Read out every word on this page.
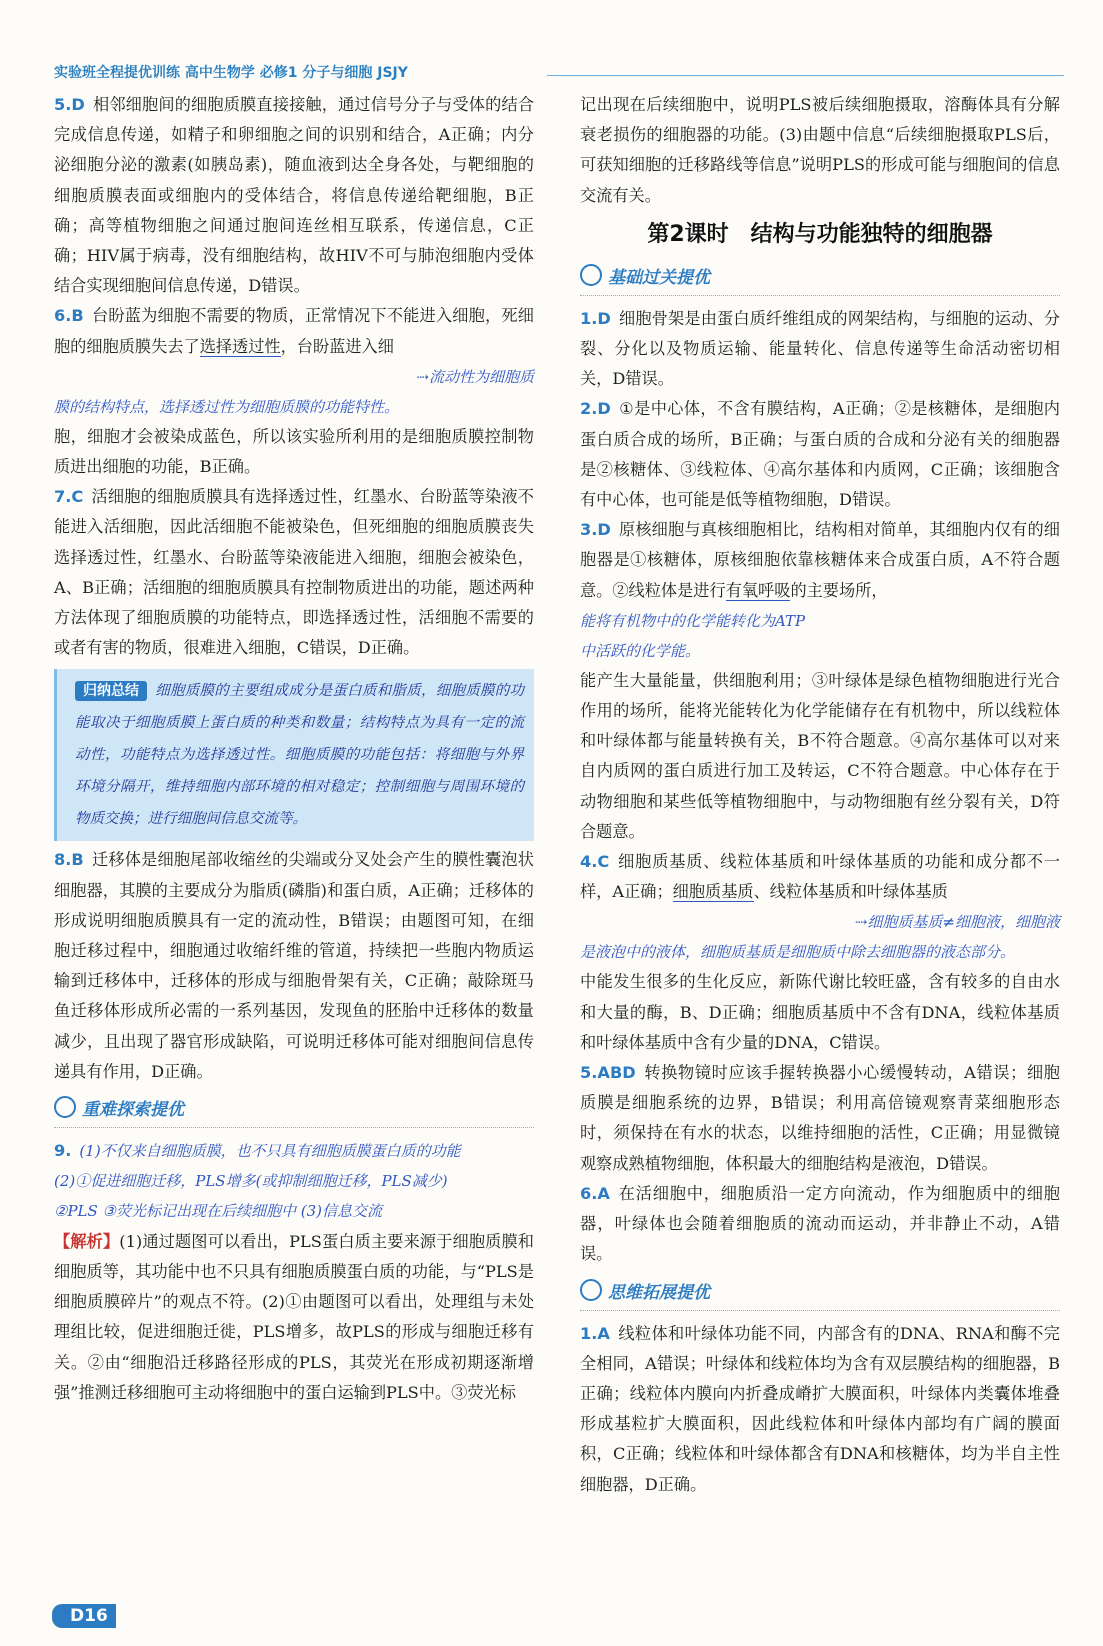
实验班全程提优训练 高中生物学 必修1 分子与细胞 JSJY

5.D 相邻细胞间的细胞质膜直接接触，通过信号分子与受体的结合完成信息传递，如精子和卵细胞之间的识别和结合，A正确；内分泌细胞分泌的激素(如胰岛素)，随血液到达全身各处，与靶细胞的细胞质膜表面或细胞内的受体结合，将信息传递给靶细胞，B正确；高等植物细胞之间通过胞间连丝相互联系，传递信息，C正确；HIV属于病毒，没有细胞结构，故HIV不可与肺泡细胞内受体结合实现细胞间信息传递，D错误。

6.B 台盼蓝为细胞不需要的物质，正常情况下不能进入细胞，死细胞的细胞质膜失去了选择透过性，台盼蓝进入细

⇢流动性为细胞质
膜的结构特点，选择透过性为细胞质膜的功能特性。

胞，细胞才会被染成蓝色，所以该实验所利用的是细胞质膜控制物质进出细胞的功能，B正确。

7.C 活细胞的细胞质膜具有选择透过性，红墨水、台盼蓝等染液不能进入活细胞，因此活细胞不能被染色，但死细胞的细胞质膜丧失选择透过性，红墨水、台盼蓝等染液能进入细胞，细胞会被染色，A、B正确；活细胞的细胞质膜具有控制物质进出的功能，题述两种方法体现了细胞质膜的功能特点，即选择透过性，活细胞不需要的或者有害的物质，很难进入细胞，C错误，D正确。

归纳总结 细胞质膜的主要组成成分是蛋白质和脂质，细胞质膜的功能取决于细胞质膜上蛋白质的种类和数量；结构特点为具有一定的流动性，功能特点为选择透过性。细胞质膜的功能包括：将细胞与外界环境分隔开，维持细胞内部环境的相对稳定；控制细胞与周围环境的物质交换；进行细胞间信息交流等。

8.B 迁移体是细胞尾部收缩丝的尖端或分叉处会产生的膜性囊泡状细胞器，其膜的主要成分为脂质(磷脂)和蛋白质，A正确；迁移体的形成说明细胞质膜具有一定的流动性，B错误；由题图可知，在细胞迁移过程中，细胞通过收缩纤维的管道，持续把一些胞内物质运输到迁移体中，迁移体的形成与细胞骨架有关，C正确；敲除斑马鱼迁移体形成所必需的一系列基因，发现鱼的胚胎中迁移体的数量减少，且出现了器官形成缺陷，可说明迁移体可能对细胞间信息传递具有作用，D正确。

重难探索提优

9. (1)不仅来自细胞质膜，也不只具有细胞质膜蛋白质的功能

(2)①促进细胞迁移，PLS增多(或抑制细胞迁移，PLS减少)

②PLS ③荧光标记出现在后续细胞中 (3)信息交流

【解析】(1)通过题图可以看出，PLS蛋白质主要来源于细胞质膜和细胞质等，其功能中也不只具有细胞质膜蛋白质的功能，与“PLS是细胞质膜碎片”的观点不符。(2)①由题图可以看出，处理组与未处理组比较，促进细胞迁徙，PLS增多，故PLS的形成与细胞迁移有关。②由“细胞沿迁移路径形成的PLS，其荧光在形成初期逐渐增强”推测迁移细胞可主动将细胞中的蛋白运输到PLS中。③荧光标

记出现在后续细胞中，说明PLS被后续细胞摄取，溶酶体具有分解衰老损伤的细胞器的功能。(3)由题中信息“后续细胞摄取PLS后，可获知细胞的迁移路线等信息”说明PLS的形成可能与细胞间的信息交流有关。

第2课时　结构与功能独特的细胞器
基础过关提优

1.D 细胞骨架是由蛋白质纤维组成的网架结构，与细胞的运动、分裂、分化以及物质运输、能量转化、信息传递等生命活动密切相关，D错误。

2.D ①是中心体，不含有膜结构，A正确；②是核糖体，是细胞内蛋白质合成的场所，B正确；与蛋白质的合成和分泌有关的细胞器是②核糖体、③线粒体、④高尔基体和内质网，C正确；该细胞含有中心体，也可能是低等植物细胞，D错误。

3.D 原核细胞与真核细胞相比，结构相对简单，其细胞内仅有的细胞器是①核糖体，原核细胞依靠核糖体来合成蛋白质，A不符合题意。②线粒体是进行有氧呼吸的主要场所，

能将有机物中的化学能转化为ATP
中活跃的化学能。

能产生大量能量，供细胞利用；③叶绿体是绿色植物细胞进行光合作用的场所，能将光能转化为化学能储存在有机物中，所以线粒体和叶绿体都与能量转换有关，B不符合题意。④高尔基体可以对来自内质网的蛋白质进行加工及转运，C不符合题意。中心体存在于动物细胞和某些低等植物细胞中，与动物细胞有丝分裂有关，D符合题意。

4.C 细胞质基质、线粒体基质和叶绿体基质的功能和成分都不一样，A正确；细胞质基质、线粒体基质和叶绿体基质

⇢细胞质基质≠细胞液，细胞液
是液泡中的液体，细胞质基质是细胞质中除去细胞器的液态部分。

中能发生很多的生化反应，新陈代谢比较旺盛，含有较多的自由水和大量的酶，B、D正确；细胞质基质中不含有DNA，线粒体基质和叶绿体基质中含有少量的DNA，C错误。

5.ABD 转换物镜时应该手握转换器小心缓慢转动，A错误；细胞质膜是细胞系统的边界，B错误；利用高倍镜观察青菜细胞形态时，须保持在有水的状态，以维持细胞的活性，C正确；用显微镜观察成熟植物细胞，体积最大的细胞结构是液泡，D错误。

6.A 在活细胞中，细胞质沿一定方向流动，作为细胞质中的细胞器，叶绿体也会随着细胞质的流动而运动，并非静止不动，A错误。

思维拓展提优

1.A 线粒体和叶绿体功能不同，内部含有的DNA、RNA和酶不完全相同，A错误；叶绿体和线粒体均为含有双层膜结构的细胞器，B正确；线粒体内膜向内折叠成嵴扩大膜面积，叶绿体内类囊体堆叠形成基粒扩大膜面积，因此线粒体和叶绿体内部均有广阔的膜面积，C正确；线粒体和叶绿体都含有DNA和核糖体，均为半自主性细胞器，D正确。

D16
